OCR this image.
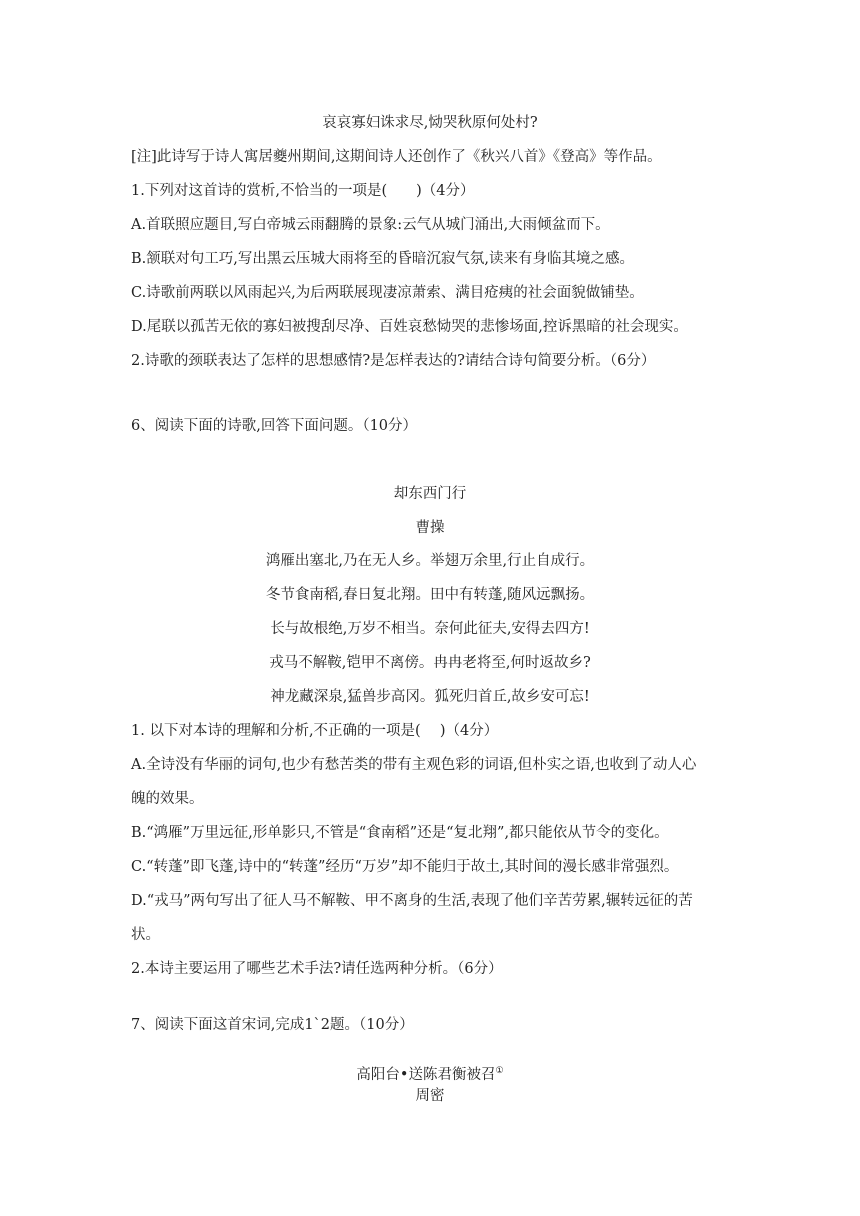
哀哀寡妇诛求尽,恸哭秋原何处村?
[注]此诗写于诗人寓居夔州期间,这期间诗人还创作了《秋兴八首》《登高》等作品。
1.下列对这首诗的赏析,不恰当的一项是(　　)（4分）
A.首联照应题目,写白帝城云雨翻腾的景象:云气从城门涌出,大雨倾盆而下。
B.颔联对句工巧,写出黑云压城大雨将至的昏暗沉寂气氛,读来有身临其境之感。
C.诗歌前两联以风雨起兴,为后两联展现凄凉萧索、满目疮痍的社会面貌做铺垫。
D.尾联以孤苦无依的寡妇被搜刮尽净、百姓哀愁恸哭的悲惨场面,控诉黑暗的社会现实。
2.诗歌的颈联表达了怎样的思想感情?是怎样表达的?请结合诗句简要分析。（6分）
6、阅读下面的诗歌,回答下面问题。（10分）
却东西门行
曹操
鸿雁出塞北,乃在无人乡。举翅万余里,行止自成行。
冬节食南稻,春日复北翔。田中有转蓬,随风远飘扬。
长与故根绝,万岁不相当。奈何此征夫,安得去四方!
戎马不解鞍,铠甲不离傍。冉冉老将至,何时返故乡?
神龙藏深泉,猛兽步高冈。狐死归首丘,故乡安可忘!
1. 以下对本诗的理解和分析,不正确的一项是(　 )（4分）
A.全诗没有华丽的词句,也少有愁苦类的带有主观色彩的词语,但朴实之语,也收到了动人心
魄的效果。
B.“鸿雁”万里远征,形单影只,不管是“食南稻”还是“复北翔”,都只能依从节令的变化。
C.“转蓬”即飞蓬,诗中的“转蓬”经历“万岁”却不能归于故土,其时间的漫长感非常强烈。
D.“戎马”两句写出了征人马不解鞍、甲不离身的生活,表现了他们辛苦劳累,辗转远征的苦
状。
2.本诗主要运用了哪些艺术手法?请任选两种分析。（6分）
7、阅读下面这首宋词,完成1`2题。（10分）
高阳台•送陈君衡被召①
周密
